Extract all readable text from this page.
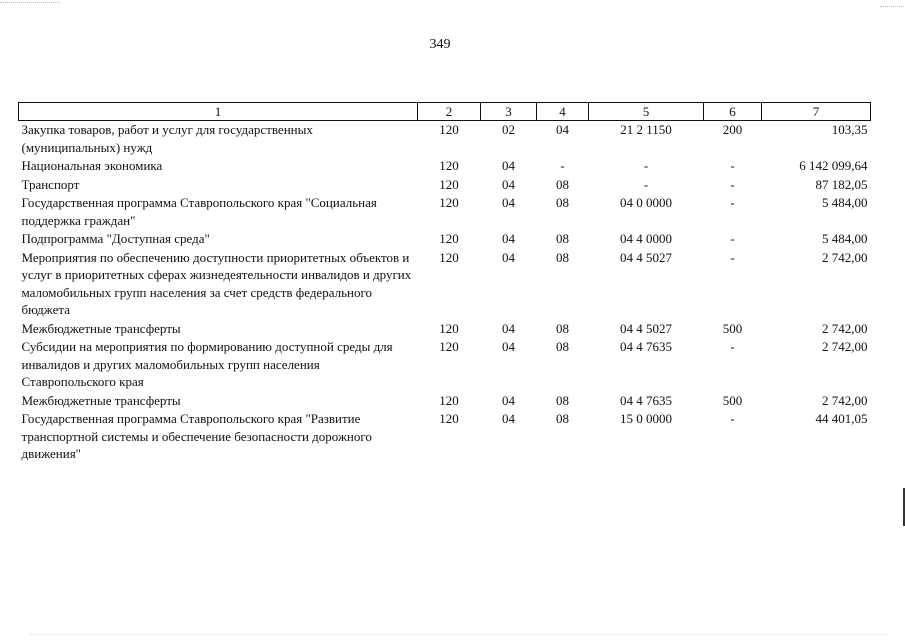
349
1	2	3	4	5	6	7
Закупка товаров, работ и услуг для государственных (муниципальных) нужд	120	02	04	21 2 1150	200	103,35
Национальная экономика	120	04	-	-	-	6 142 099,64
Транспорт	120	04	08	-	-	87 182,05
Государственная программа Ставропольского края "Социальная поддержка граждан"	120	04	08	04 0 0000	-	5 484,00
Подпрограмма "Доступная среда"	120	04	08	04 4 0000	-	5 484,00
Мероприятия по обеспечению доступности приоритетных объектов и услуг в приоритетных сферах жизнедеятельности инвалидов и других маломобильных групп населения за счет средств федерального бюджета	120	04	08	04 4 5027	-	2 742,00
Межбюджетные трансферты	120	04	08	04 4 5027	500	2 742,00
Субсидии на мероприятия по формированию доступной среды для инвалидов и других маломобильных групп населения Ставропольского края	120	04	08	04 4 7635	-	2 742,00
Межбюджетные трансферты	120	04	08	04 4 7635	500	2 742,00
Государственная программа Ставропольского края "Развитие транспортной системы и обеспечение безопасности дорожного движения"	120	04	08	15 0 0000	-	44 401,05
